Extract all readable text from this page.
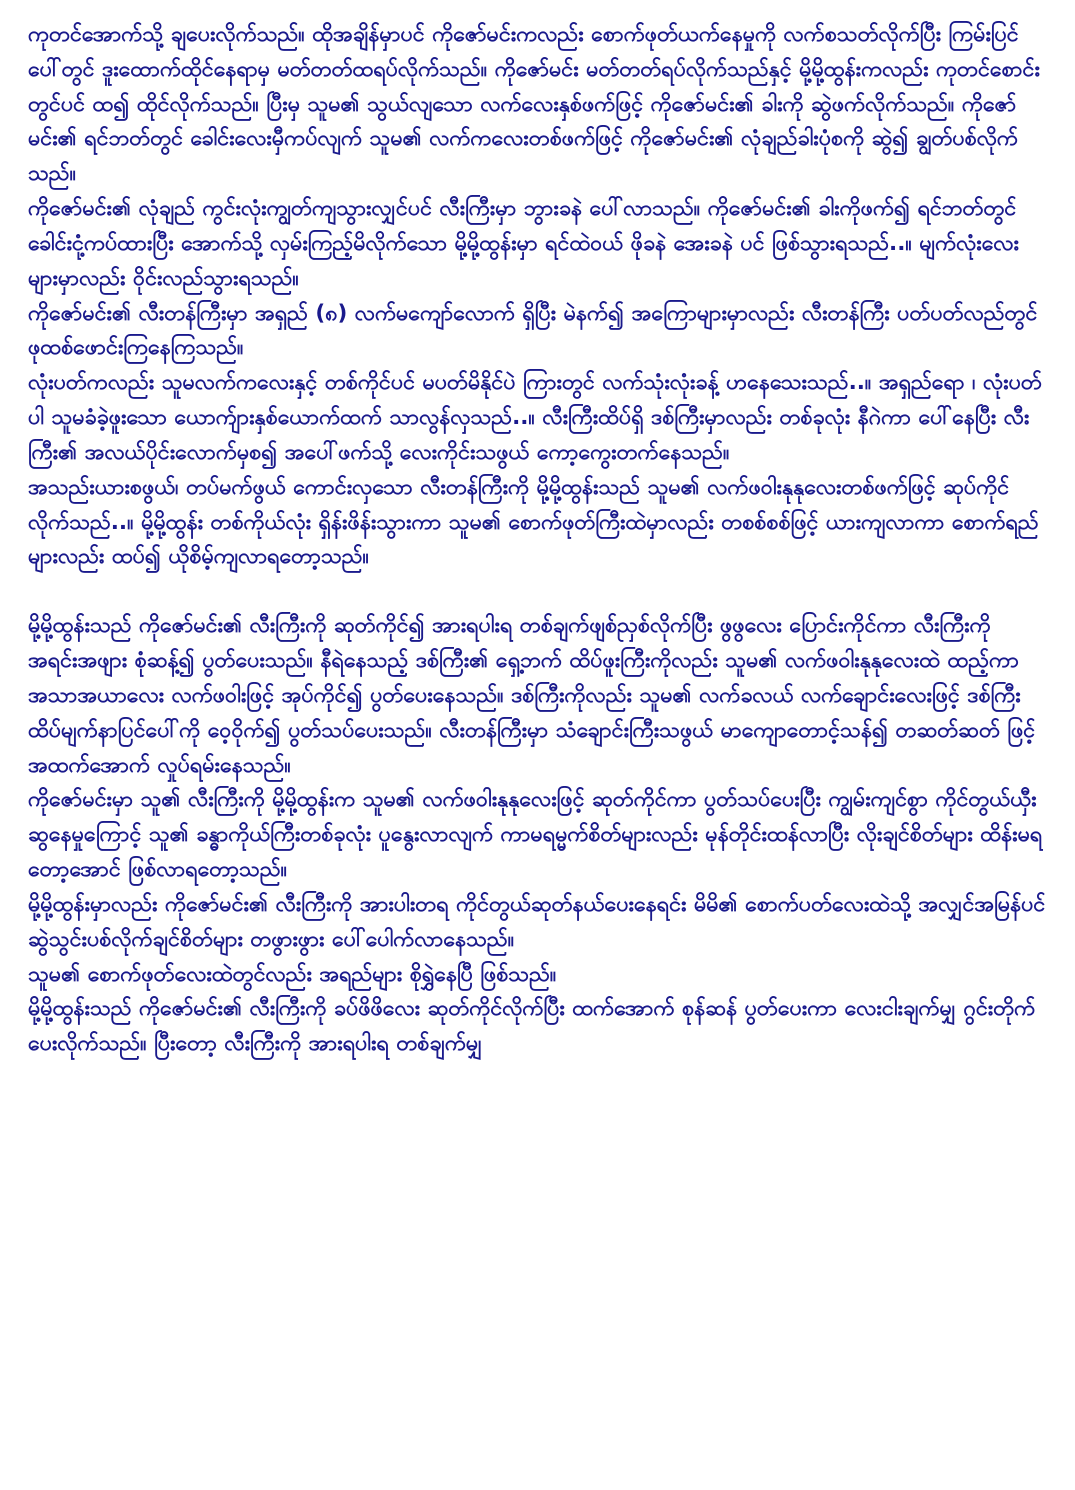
ကုတင်အောက်သို့ ချပေးလိုက်သည်။ ထိုအချိန်မှာပင် ကိုဇော်မင်းကလည်း စောက်ဖုတ်ယက်နေမှုကို လက်စသတ်လိုက်ပြီး ကြမ်းပြင်ပေါ်တွင် ဒူးထောက်ထိုင်နေရာမှ မတ်တတ်ထရပ်လိုက်သည်။ ကိုဇော်မင်း မတ်တတ်ရပ်လိုက်သည်နှင့် မို့မို့ထွန်းကလည်း ကုတင်စောင်းတွင်ပင် ထ၍ ထိုင်လိုက်သည်။ ပြီးမှ သူမ၏ သွယ်လျသော လက်လေးနှစ်ဖက်ဖြင့် ကိုဇော်မင်း၏ ခါးကို ဆွဲဖက်လိုက်သည်။ ကိုဇော်မင်း၏ ရင်ဘတ်တွင် ခေါင်းလေးမှီကပ်လျက် သူမ၏ လက်ကလေးတစ်ဖက်ဖြင့် ကိုဇော်မင်း၏ လုံချည်ခါးပုံစကို ဆွဲ၍ ချွတ်ပစ်လိုက်သည်။

ကိုဇော်မင်း၏ လုံချည် ကွင်းလုံးကျွတ်ကျသွားလျှင်ပင် လီးကြီးမှာ ဘွားခနဲ ပေါ်လာသည်။ ကိုဇော်မင်း၏ ခါးကိုဖက်၍ ရင်ဘတ်တွင် ခေါင်းငုံ့ကပ်ထားပြီး အောက်သို့ လှမ်းကြည့်မိလိုက်သော မို့မို့ထွန်းမှာ ရင်ထဲဝယ် ဖိုခနဲ အေးခနဲ ပင် ဖြစ်သွားရသည်..။ မျက်လုံးလေးများမှာလည်း ဝိုင်းလည်သွားရသည်။

ကိုဇော်မင်း၏ လီးတန်ကြီးမှာ အရှည် (၈) လက်မကျော်လောက် ရှိပြီး မဲနက်၍ အကြောများမှာလည်း လီးတန်ကြီး ပတ်ပတ်လည်တွင် ဖုထစ်ဖောင်းကြနေကြသည်။

လုံးပတ်ကလည်း သူမလက်ကလေးနှင့် တစ်ကိုင်ပင် မပတ်မိနိုင်ပဲ ကြားတွင် လက်သုံးလုံးခန့် ဟနေသေးသည်..။ အရှည်ရော ၊ လုံးပတ်ပါ သူမခံခဲ့ဖူးသော ယောက်ျားနှစ်ယောက်ထက် သာလွန်လှသည်..။ လီးကြီးထိပ်ရှိ ဒစ်ကြီးမှာလည်း တစ်ခုလုံး နီဂဲကာ ပေါ်နေပြီး လီးကြီး၏ အလယ်ပိုင်းလောက်မှစ၍ အပေါ်ဖက်သို့ လေးကိုင်းသဖွယ် ကော့ကွေးတက်နေသည်။

အသည်းယားစဖွယ်၊ တပ်မက်ဖွယ် ကောင်းလှသော လီးတန်ကြီးကို မို့မို့ထွန်းသည် သူမ၏ လက်ဖဝါးနုနုလေးတစ်ဖက်ဖြင့် ဆုပ်ကိုင်လိုက်သည်..။ မို့မို့ထွန်း တစ်ကိုယ်လုံး ရှိန်းဖိန်းသွားကာ သူမ၏ စောက်ဖုတ်ကြီးထဲမှာလည်း တစစ်စစ်ဖြင့် ယားကျလာကာ စောက်ရည်များလည်း ထပ်၍ ယိုစိမ့်ကျလာရတော့သည်။

မို့မို့ထွန်းသည် ကိုဇော်မင်း၏ လီးကြီးကို ဆုတ်ကိုင်၍ အားရပါးရ တစ်ချက်ဖျစ်ညှစ်လိုက်ပြီး ဖွဖွလေး ပြောင်းကိုင်ကာ လီးကြီးကို အရင်းအဖျား စုံဆန့်၍ ပွတ်ပေးသည်။ နီရဲနေသည့် ဒစ်ကြီး၏ ရှေ့ဘက် ထိပ်ဖူးကြီးကိုလည်း သူမ၏ လက်ဖဝါးနုနုလေးထဲ ထည့်ကာ အသာအယာလေး လက်ဖဝါးဖြင့် အုပ်ကိုင်၍ ပွတ်ပေးနေသည်။ ဒစ်ကြီးကိုလည်း သူမ၏ လက်ခလယ် လက်ချောင်းလေးဖြင့် ဒစ်ကြီးထိပ်မျက်နာပြင်ပေါ်ကို ဝေ့ဝိုက်၍ ပွတ်သပ်ပေးသည်။ လီးတန်ကြီးမှာ သံချောင်းကြီးသဖွယ် မာကျောတောင့်သန်၍ တဆတ်ဆတ် ဖြင့် အထက်အောက် လှုပ်ရမ်းနေသည်။

ကိုဇော်မင်းမှာ သူ၏ လီးကြီးကို မို့မို့ထွန်းက သူမ၏ လက်ဖဝါးနုနုလေးဖြင့် ဆုတ်ကိုင်ကာ ပွတ်သပ်ပေးပြီး ကျွမ်းကျင်စွာ ကိုင်တွယ်ယှီးဆွနေမှုကြောင့် သူ၏ ခန္ဓာကိုယ်ကြီးတစ်ခုလုံး ပူနွေးလာလျက် ကာမရမ္မက်စိတ်များလည်း မုန်တိုင်းထန်လာပြီး လိုးချင်စိတ်များ ထိန်းမရတော့အောင် ဖြစ်လာရတော့သည်။

မို့မို့ထွန်းမှာလည်း ကိုဇော်မင်း၏ လီးကြီးကို အားပါးတရ ကိုင်တွယ်ဆုတ်နယ်ပေးနေရင်း မိမိ၏ စောက်ပတ်လေးထဲသို့ အလျှင်အမြန်ပင် ဆွဲသွင်းပစ်လိုက်ချင်စိတ်များ တဖွားဖွား ပေါ်ပေါက်လာနေသည်။

သူမ၏ စောက်ဖုတ်လေးထဲတွင်လည်း အရည်များ စိုရွှဲနေပြီ ဖြစ်သည်။

မို့မို့ထွန်းသည် ကိုဇော်မင်း၏ လီးကြီးကို ခပ်ဖိဖိလေး ဆုတ်ကိုင်လိုက်ပြီး ထက်အောက် စုန်ဆန် ပွတ်ပေးကာ လေးငါးချက်မျှ ဂွင်းတိုက်ပေးလိုက်သည်။ ပြီးတော့ လီးကြီးကို အားရပါးရ တစ်ချက်မျှ
